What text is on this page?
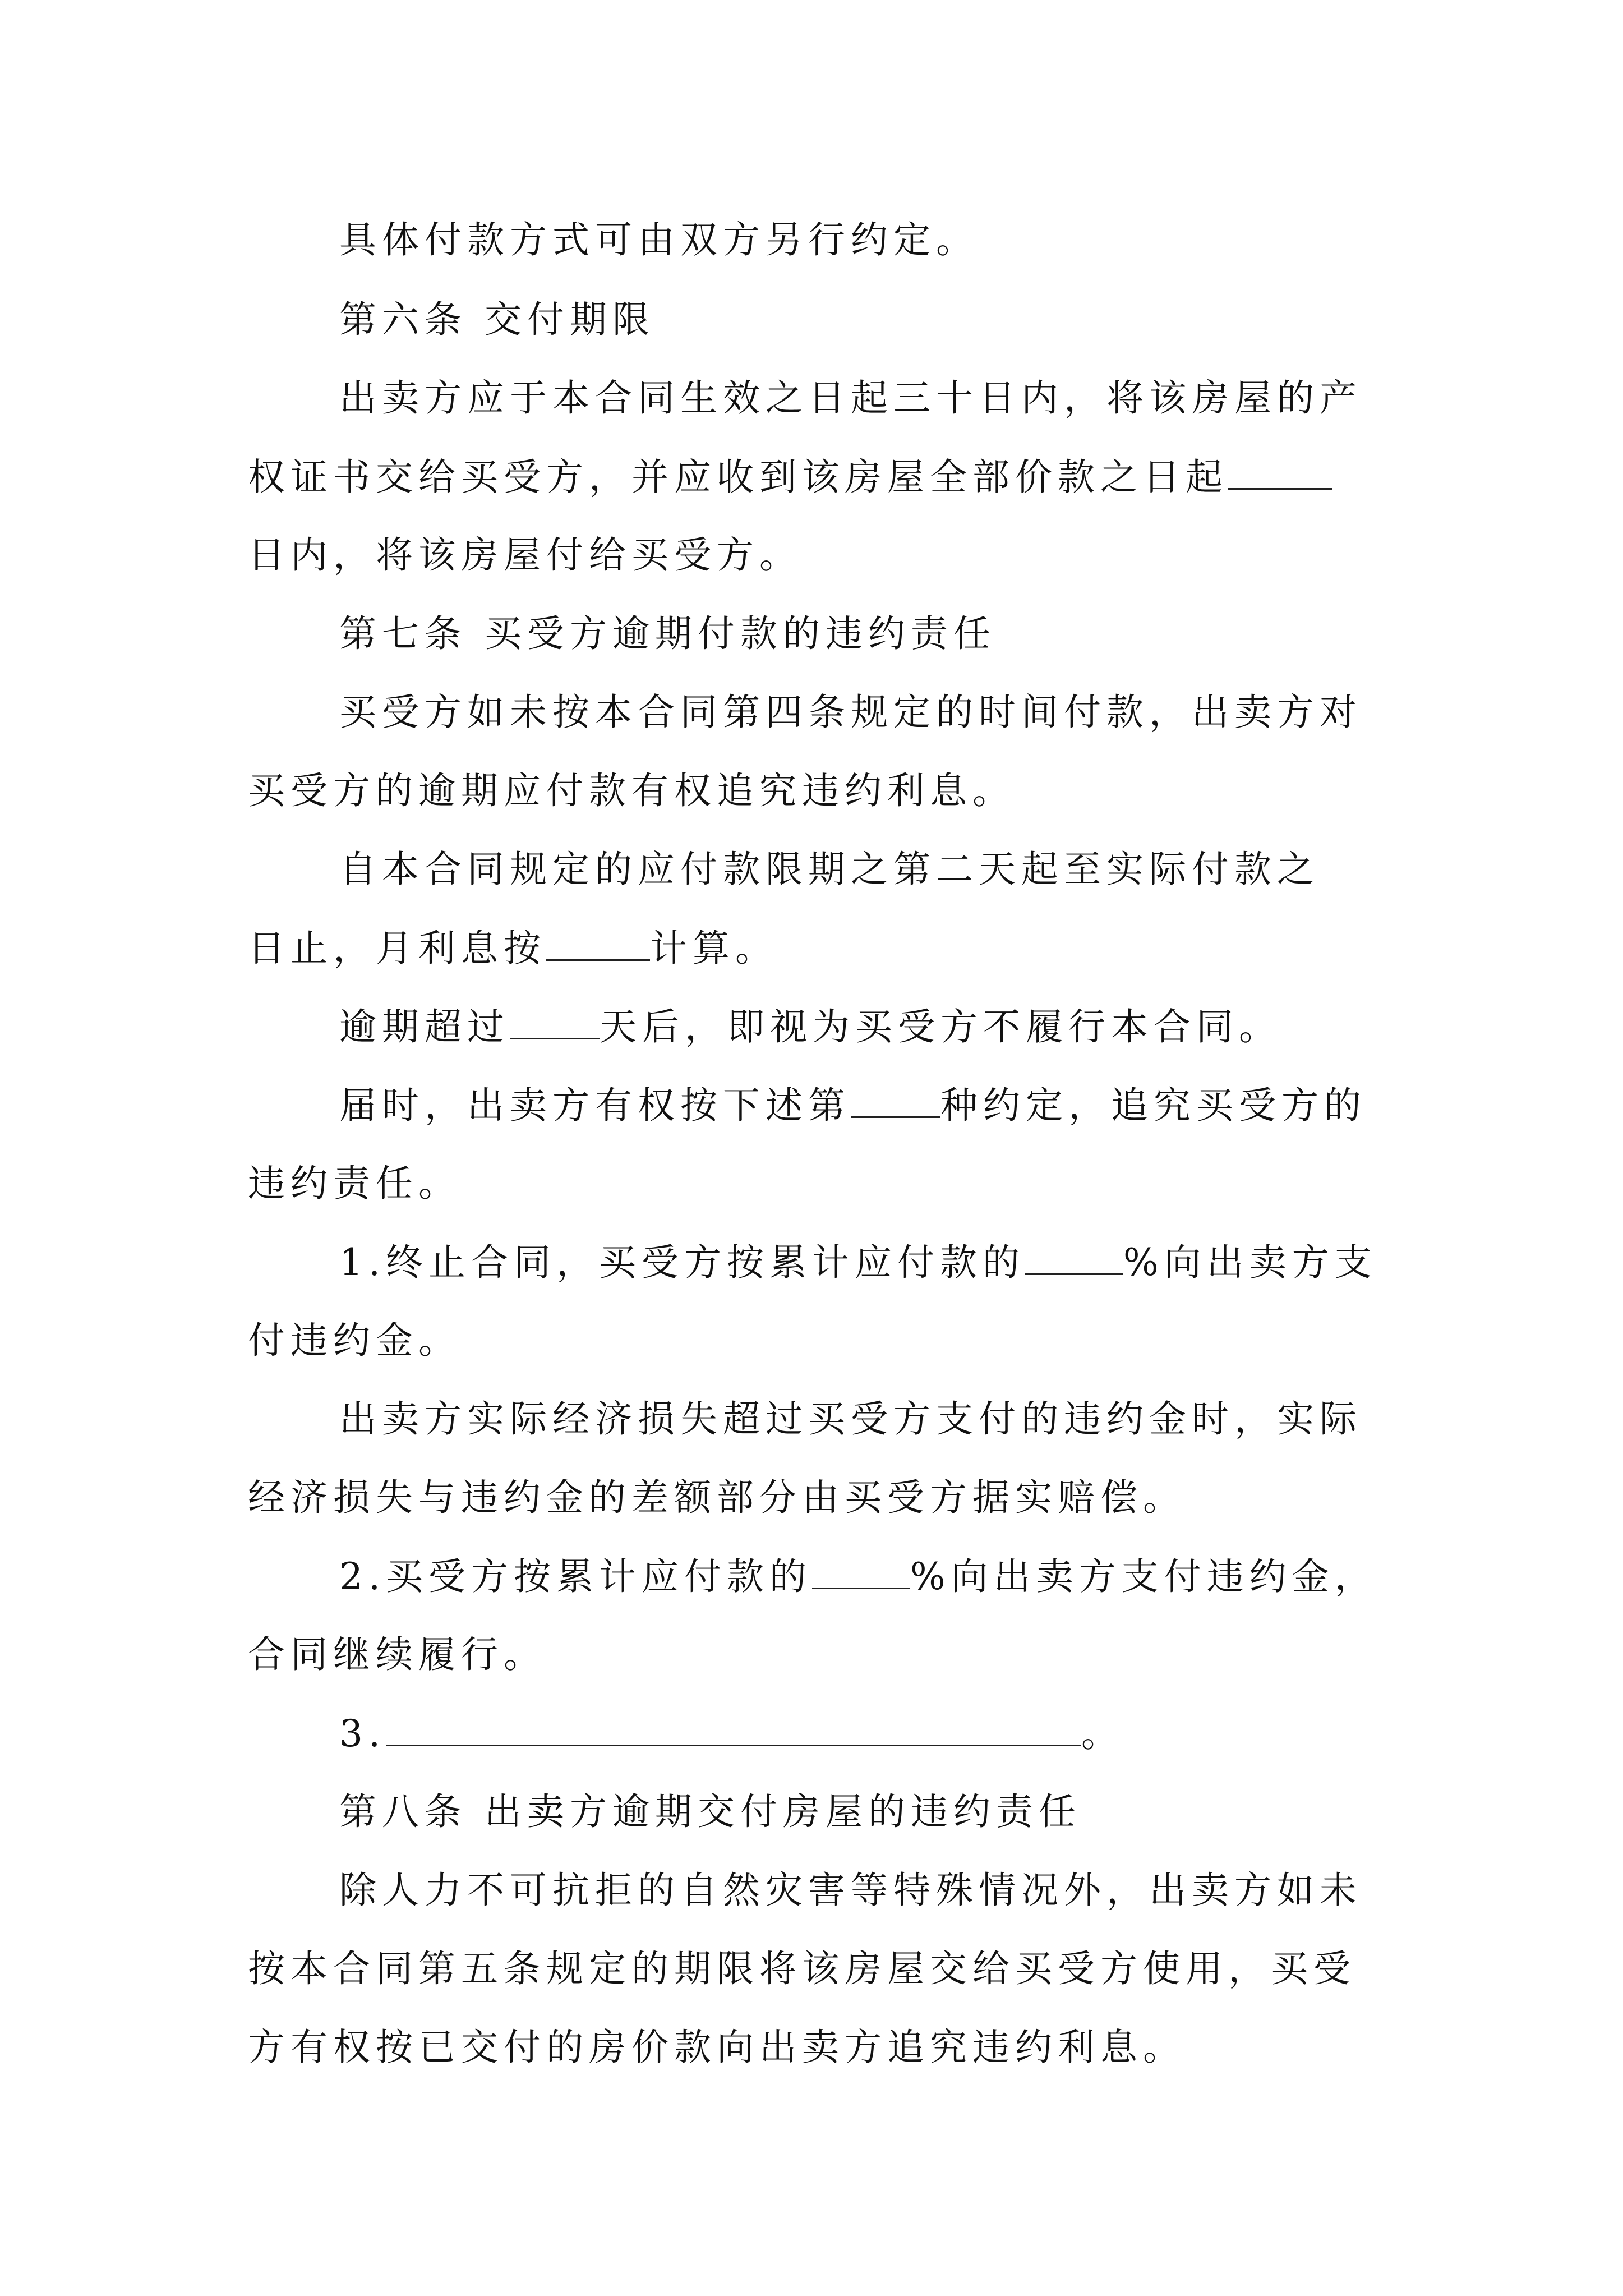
具体付款方式可由双方另行约定。
第六条 交付期限
出卖方应于本合同生效之日起三十日内，将该房屋的产
权证书交给买受方，并应收到该房屋全部价款之日起
日内，将该房屋付给买受方。
第七条 买受方逾期付款的违约责任
买受方如未按本合同第四条规定的时间付款，出卖方对
买受方的逾期应付款有权追究违约利息。
自本合同规定的应付款限期之第二天起至实际付款之
日止，月利息按	计算。
逾期超过 天后，即视为买受方不履行本合同。
届时，出卖方有权按下述第 种约定，追究买受方的
违约责任。
1.终止合同，买受方按累计应付款的	%向出卖方支
付违约金。
出卖方实际经济损失超过买受方支付的违约金时，实际
经济损失与违约金的差额部分由买受方据实赔偿。
2.买受方按累计应付款的	%向出卖方支付违约金，
合同继续履行。
3.	。
第八条 出卖方逾期交付房屋的违约责任
除人力不可抗拒的自然灾害等特殊情况外，出卖方如未
按本合同第五条规定的期限将该房屋交给买受方使用，买受
方有权按已交付的房价款向出卖方追究违约利息。
